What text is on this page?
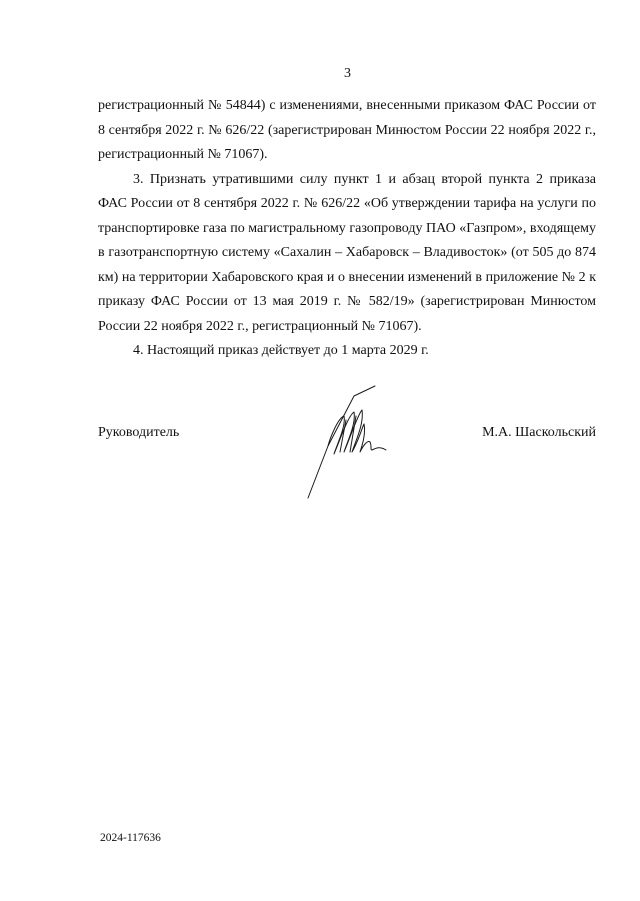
3

регистрационный № 54844) с изменениями, внесенными приказом ФАС России от 8 сентября 2022 г. № 626/22 (зарегистрирован Минюстом России 22 ноября 2022 г., регистрационный № 71067).

3. Признать утратившими силу пункт 1 и абзац второй пункта 2 приказа ФАС России от 8 сентября 2022 г. № 626/22 «Об утверждении тарифа на услуги по транспортировке газа по магистральному газопроводу ПАО «Газпром», входящему в газотранспортную систему «Сахалин – Хабаровск – Владивосток» (от 505 до 874 км) на территории Хабаровского края и о внесении изменений в приложение № 2 к приказу ФАС России от 13 мая 2019 г. № 582/19» (зарегистрирован Минюстом России 22 ноября 2022 г., регистрационный № 71067).

4. Настоящий приказ действует до 1 марта 2029 г.

Руководитель	М.А. Шаскольский
2024-117636
